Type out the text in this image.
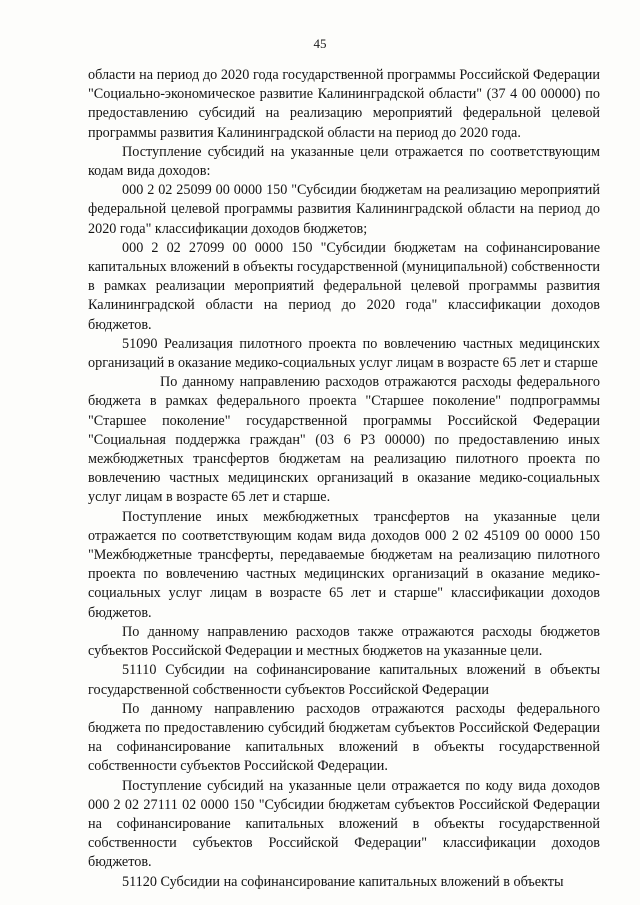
45

области на период до 2020 года государственной программы Российской Федерации "Социально-экономическое развитие Калининградской области" (37 4 00 00000) по предоставлению субсидий на реализацию мероприятий федеральной целевой программы развития Калининградской области на период до 2020 года.

Поступление субсидий на указанные цели отражается по соответствующим кодам вида доходов:

000 2 02 25099 00 0000 150 "Субсидии бюджетам на реализацию мероприятий федеральной целевой программы развития Калининградской области на период до 2020 года" классификации доходов бюджетов;

000 2 02 27099 00 0000 150 "Субсидии бюджетам на софинансирование капитальных вложений в объекты государственной (муниципальной) собственности в рамках реализации мероприятий федеральной целевой программы развития Калининградской области на период до 2020 года" классификации доходов бюджетов.

51090 Реализация пилотного проекта по вовлечению частных медицинских организаций в оказание медико-социальных услуг лицам в возрасте 65 лет и старше

По данному направлению расходов отражаются расходы федерального бюджета в рамках федерального проекта "Старшее поколение" подпрограммы "Старшее поколение" государственной программы Российской Федерации "Социальная поддержка граждан" (03 6 Р3 00000) по предоставлению иных межбюджетных трансфертов бюджетам на реализацию пилотного проекта по вовлечению частных медицинских организаций в оказание медико-социальных услуг лицам в возрасте 65 лет и старше.

Поступление иных межбюджетных трансфертов на указанные цели отражается по соответствующим кодам вида доходов 000 2 02 45109 00 0000 150 "Межбюджетные трансферты, передаваемые бюджетам на реализацию пилотного проекта по вовлечению частных медицинских организаций в оказание медико-социальных услуг лицам в возрасте 65 лет и старше" классификации доходов бюджетов.

По данному направлению расходов также отражаются расходы бюджетов субъектов Российской Федерации и местных бюджетов на указанные цели.

51110 Субсидии на софинансирование капитальных вложений в объекты государственной собственности субъектов Российской Федерации

По данному направлению расходов отражаются расходы федерального бюджета по предоставлению субсидий бюджетам субъектов Российской Федерации на софинансирование капитальных вложений в объекты государственной собственности субъектов Российской Федерации.

Поступление субсидий на указанные цели отражается по коду вида доходов 000 2 02 27111 02 0000 150 "Субсидии бюджетам субъектов Российской Федерации на софинансирование капитальных вложений в объекты государственной собственности субъектов Российской Федерации" классификации доходов бюджетов.

51120 Субсидии на софинансирование капитальных вложений в объекты
